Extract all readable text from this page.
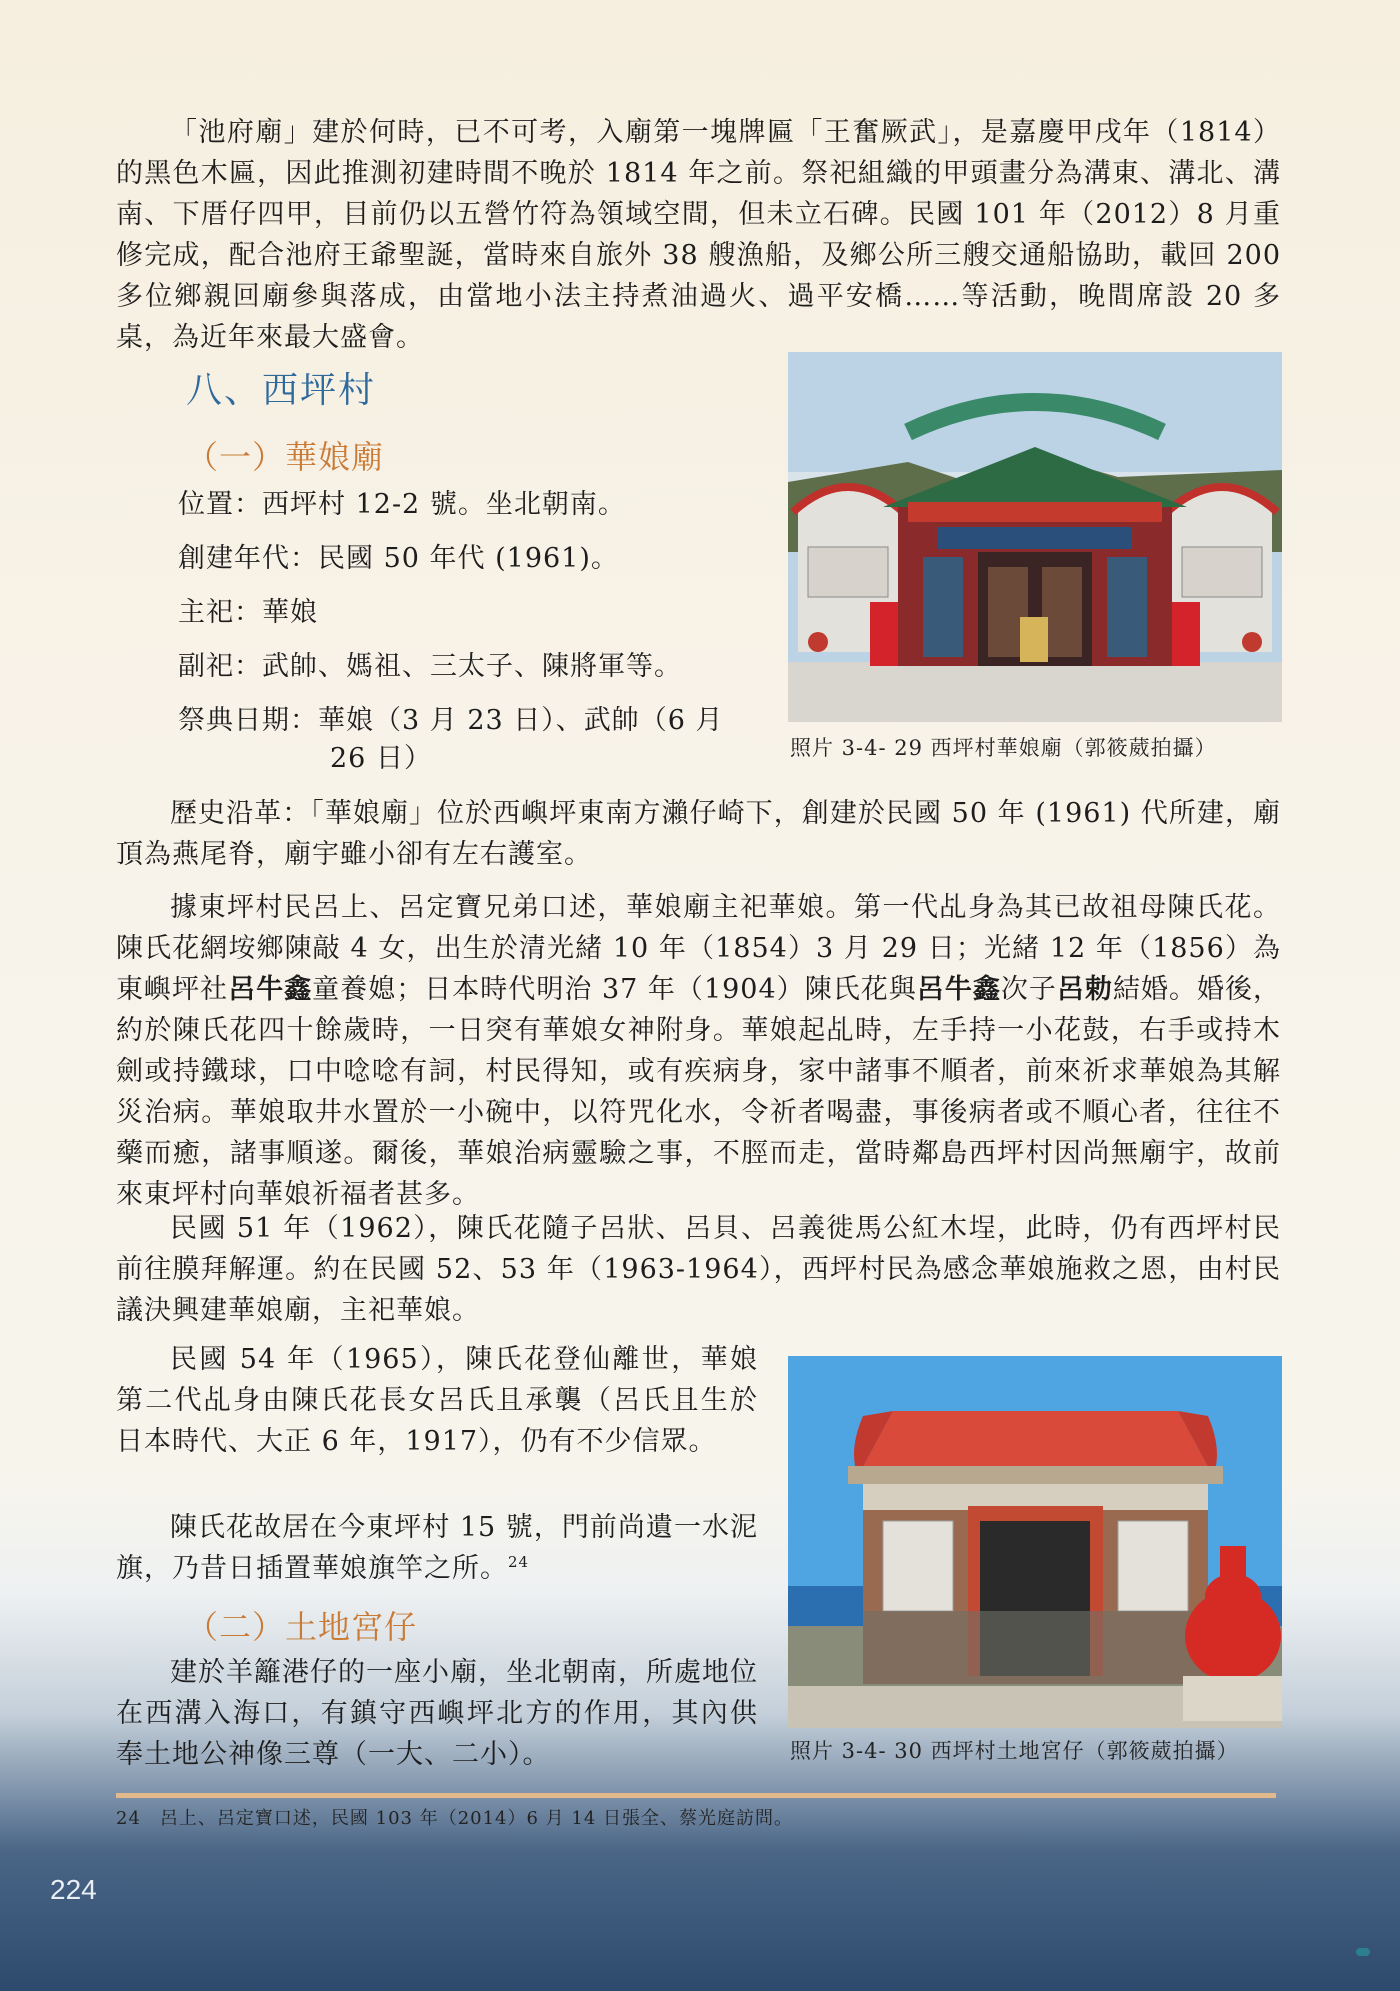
「池府廟」建於何時，已不可考，入廟第一塊牌匾「王奮厥武」，是嘉慶甲戌年（1814）的黑色木匾，因此推測初建時間不晚於 1814 年之前。祭祀組織的甲頭畫分為溝東、溝北、溝南、下厝仔四甲，目前仍以五營竹符為領域空間，但未立石碑。民國 101 年（2012）8 月重修完成，配合池府王爺聖誕，當時來自旅外 38 艘漁船，及鄉公所三艘交通船協助，載回 200 多位鄉親回廟參與落成，由當地小法主持煮油過火、過平安橋……等活動，晚間席設 20 多桌，為近年來最大盛會。

八、西坪村
（一）華娘廟

位置：西坪村 12-2 號。坐北朝南。

創建年代：民國 50 年代 (1961)。

主祀：華娘

副祀：武帥、媽祖、三太子、陳將軍等。

祭典日期：華娘（3 月 23 日）、武帥（6 月

26 日）	照片 3-4- 29 西坪村華娘廟（郭筱葳拍攝）

歷史沿革：「華娘廟」位於西嶼坪東南方瀨仔崎下，創建於民國 50 年 (1961) 代所建，廟頂為燕尾脊，廟宇雖小卻有左右護室。

據東坪村民呂上、呂定寶兄弟口述，華娘廟主祀華娘。第一代乩身為其已故祖母陳氏花。陳氏花網垵鄉陳敲 4 女，出生於清光緒 10 年（1854）3 月 29 日；光緒 12 年（1856）為東嶼坪社呂牛鑫童養媳；日本時代明治 37 年（1904）陳氏花與呂牛鑫次子呂勅結婚。婚後，約於陳氏花四十餘歲時，一日突有華娘女神附身。華娘起乩時，左手持一小花鼓，右手或持木劍或持鐵球，口中唸唸有詞，村民得知，或有疾病身，家中諸事不順者，前來祈求華娘為其解災治病。華娘取井水置於一小碗中，以符咒化水，令祈者喝盡，事後病者或不順心者，往往不藥而癒，諸事順遂。爾後，華娘治病靈驗之事，不脛而走，當時鄰島西坪村因尚無廟宇，故前來東坪村向華娘祈福者甚多。

民國 51 年（1962），陳氏花隨子呂狀、呂貝、呂義徙馬公紅木埕，此時，仍有西坪村民前往膜拜解運。約在民國 52、53 年（1963-1964），西坪村民為感念華娘施救之恩，由村民議決興建華娘廟，主祀華娘。

民國 54 年（1965），陳氏花登仙離世，華娘第二代乩身由陳氏花長女呂氏且承襲（呂氏且生於日本時代、大正 6 年，1917），仍有不少信眾。

陳氏花故居在今東坪村 15 號，門前尚遺一水泥旗，乃昔日插置華娘旗竿之所。$^{24}$

（二）土地宮仔

建於羊籬港仔的一座小廟，坐北朝南，所處地位在西溝入海口，有鎮守西嶼坪北方的作用，其內供奉土地公神像三尊（一大、二小）。	照片 3-4- 30 西坪村土地宮仔（郭筱葳拍攝）

24　呂上、呂定寶口述，民國 103 年（2014）6 月 14 日張全、蔡光庭訪問。

224
